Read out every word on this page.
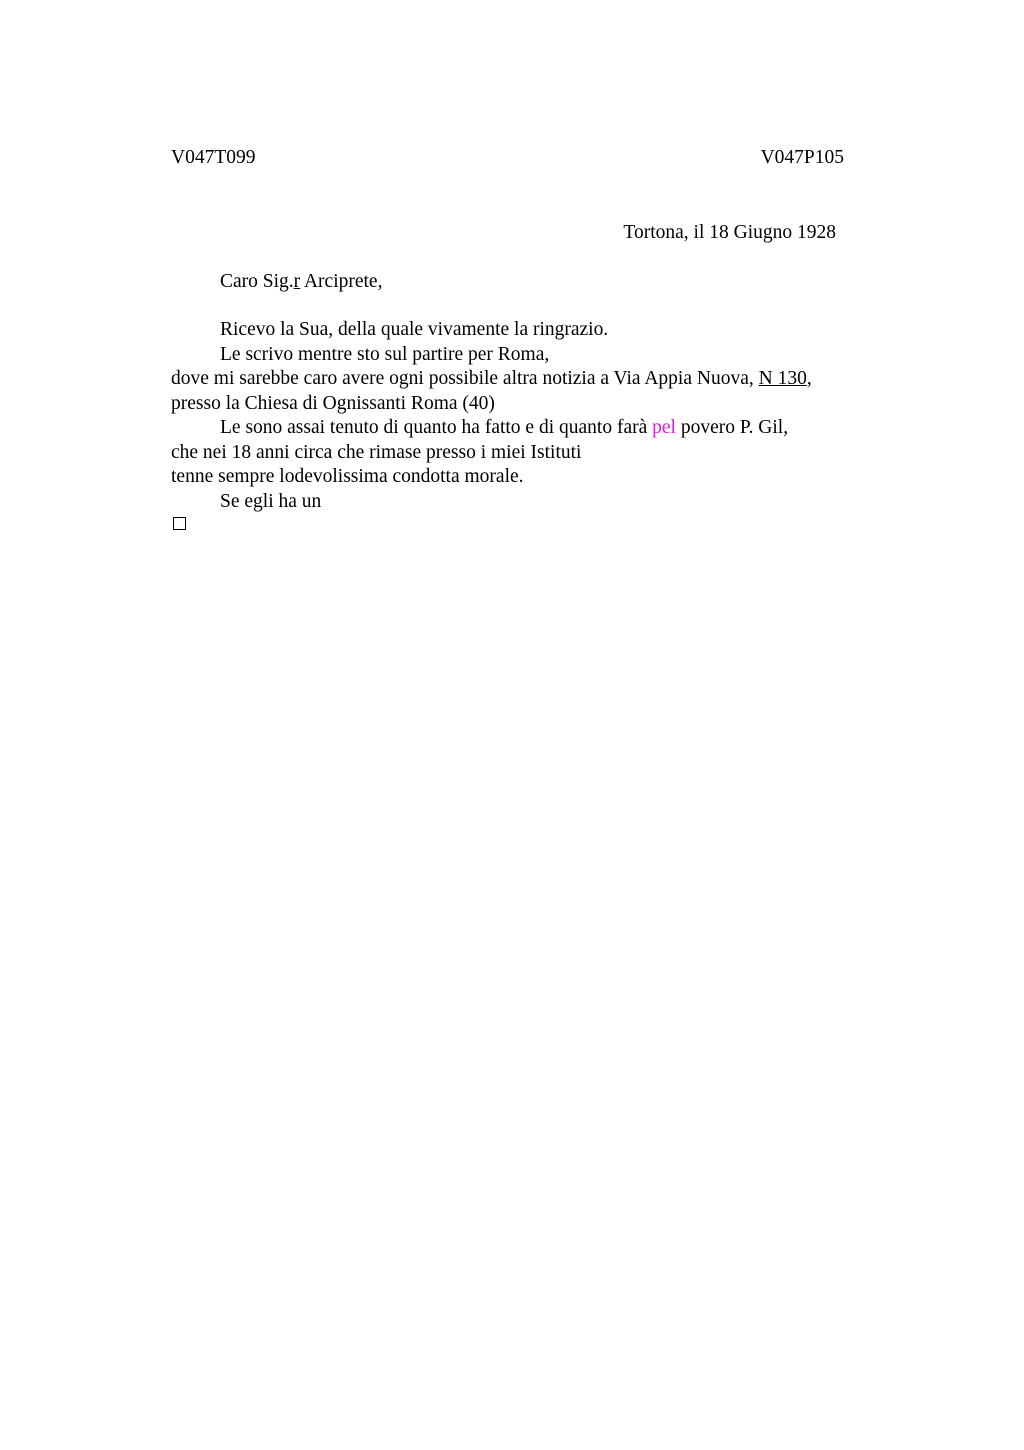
V047T099	V047P105
Tortona, il 18 Giugno 1928
Caro Sig.r Arciprete,
Ricevo la Sua, della quale vivamente la ringrazio.
Le scrivo mentre sto sul partire per Roma,
dove mi sarebbe caro avere ogni possibile altra notizia a Via Appia Nuova, N 130,
presso la Chiesa di Ognissanti Roma (40)
Le sono assai tenuto di quanto ha fatto e di quanto farà pel povero P. Gil,
che nei 18 anni circa che rimase presso i miei Istituti
tenne sempre lodevolissima condotta morale.
Se egli ha un
